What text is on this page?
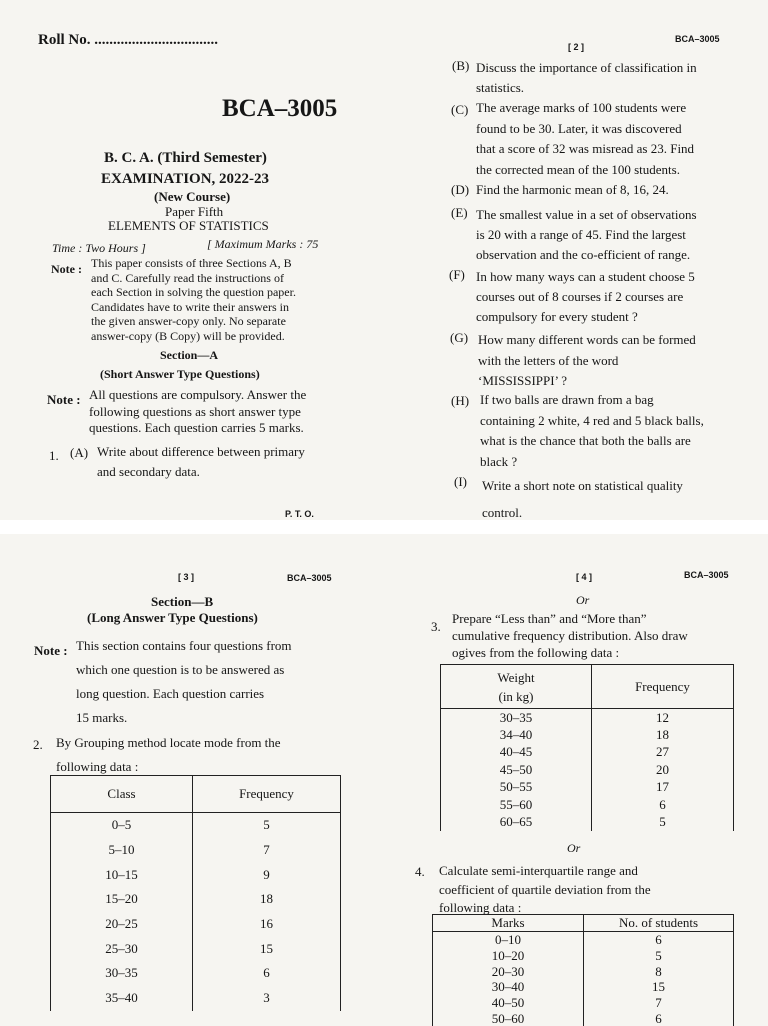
Roll No. .................................
BCA–3005
B. C. A. (Third Semester)
EXAMINATION, 2022-23
(New Course)
Paper Fifth
ELEMENTS OF STATISTICS
Time : Two Hours ]	[ Maximum Marks : 75
Note : This paper consists of three Sections A, B
and C. Carefully read the instructions of
each Section in solving the question paper.
Candidates have to write their answers in
the given answer-copy only. No separate
answer-copy (B Copy) will be provided.
Section—A
(Short Answer Type Questions)
Note : All questions are compulsory. Answer the
following questions as short answer type
questions. Each question carries 5 marks.
1. (A) Write about difference between primary
and secondary data.
P. T. O.
[ 2 ]
BCA–3005
(B) Discuss the importance of classification in
statistics.
(C) The average marks of 100 students were
found to be 30. Later, it was discovered
that a score of 32 was misread as 23. Find
the corrected mean of the 100 students.
(D) Find the harmonic mean of 8, 16, 24.
(E) The smallest value in a set of observations
is 20 with a range of 45. Find the largest
observation and the co-efficient of range.
(F) In how many ways can a student choose 5
courses out of 8 courses if 2 courses are
compulsory for every student ?
(G) How many different words can be formed
with the letters of the word
‘MISSISSIPPI’ ?
(H) If two balls are drawn from a bag
containing 2 white, 4 red and 5 black balls,
what is the chance that both the balls are
black ?
(I) Write a short note on statistical quality
control.
[ 3 ]	BCA–3005
Section—B
(Long Answer Type Questions)
Note : This section contains four questions from
which one question is to be answered as
long question. Each question carries
15 marks.
2. By Grouping method locate mode from the
following data :
Class	Frequency
0–5	5
5–10	7
10–15	9
15–20	18
20–25	16
25–30	15
30–35	6
35–40	3
[ 4 ]	BCA–3005
Or
3.
Prepare “Less than” and “More than”
cumulative frequency distribution. Also draw
ogives from the following data :
Weight
(in kg)	Frequency
30–35	12
34–40	18
40–45	27
45–50	20
50–55	17
55–60	6
60–65	5
Or
4. Calculate semi-interquartile range and
coefficient of quartile deviation from the
following data :
Marks	No. of students
0–10	6
10–20	5
20–30	8
30–40	15
40–50	7
50–60	6
